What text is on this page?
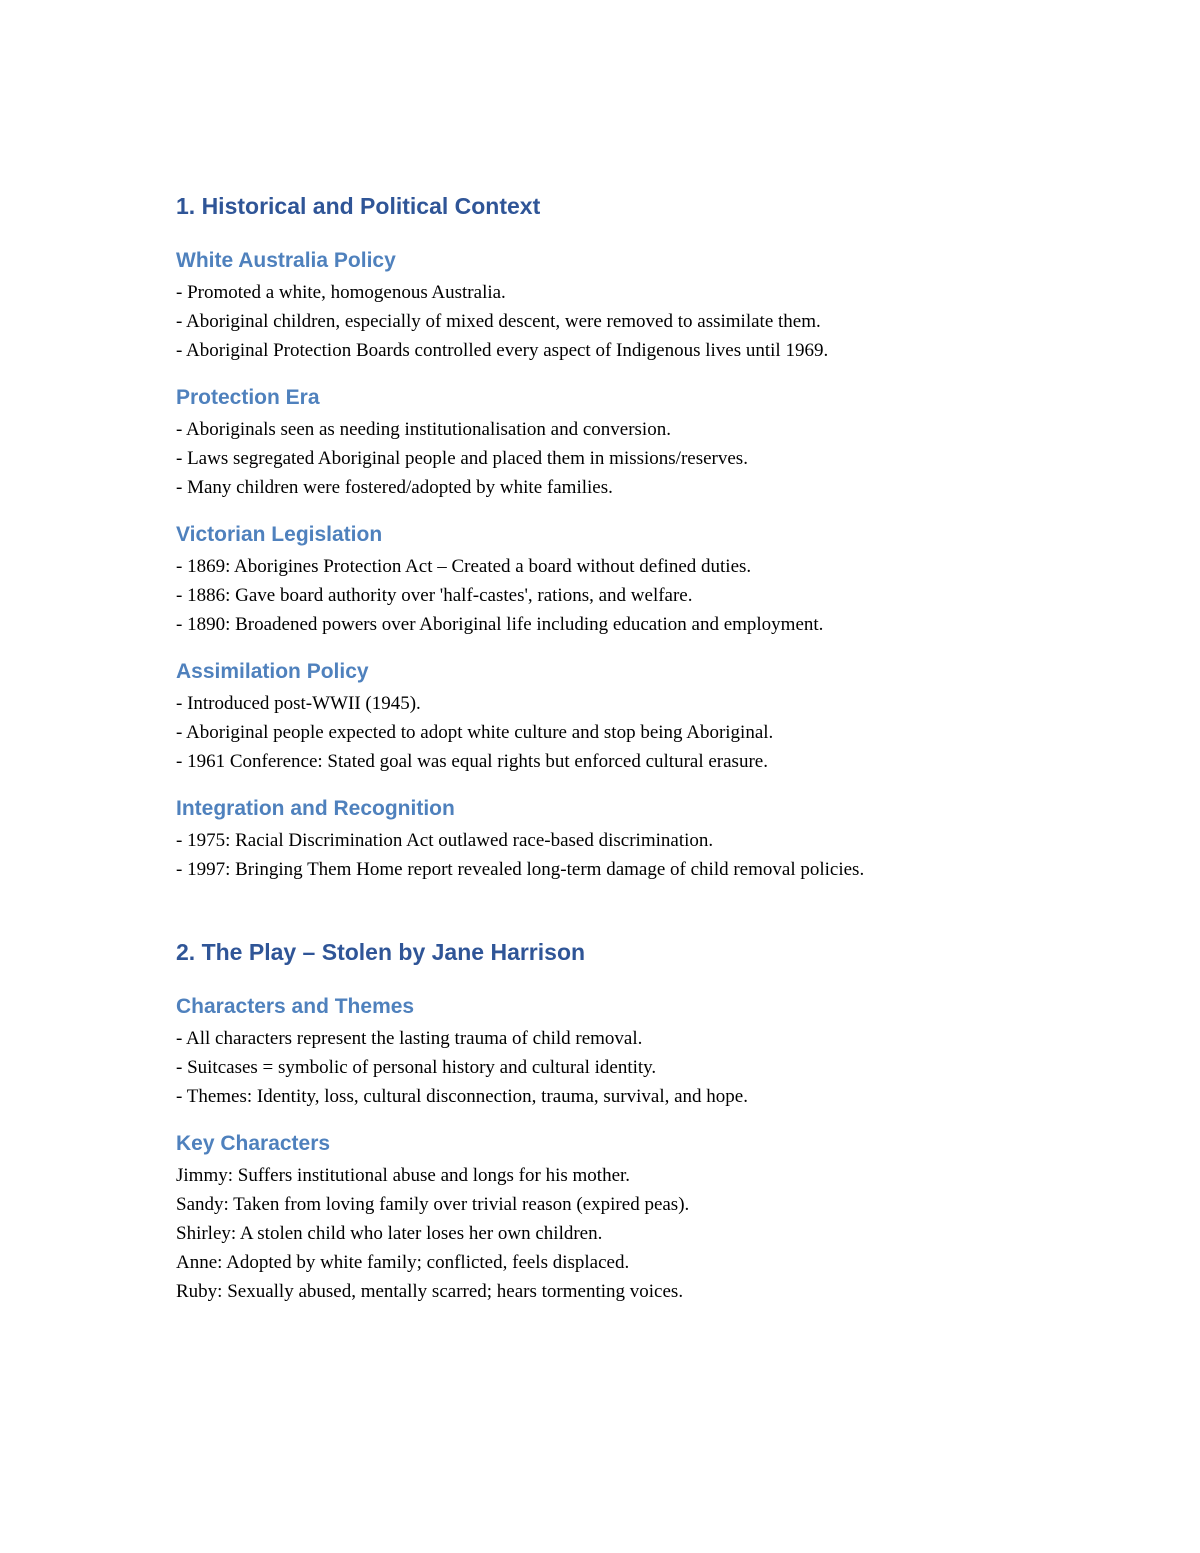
1. Historical and Political Context
White Australia Policy
- Promoted a white, homogenous Australia.
- Aboriginal children, especially of mixed descent, were removed to assimilate them.
- Aboriginal Protection Boards controlled every aspect of Indigenous lives until 1969.
Protection Era
- Aboriginals seen as needing institutionalisation and conversion.
- Laws segregated Aboriginal people and placed them in missions/reserves.
- Many children were fostered/adopted by white families.
Victorian Legislation
- 1869: Aborigines Protection Act – Created a board without defined duties.
- 1886: Gave board authority over 'half-castes', rations, and welfare.
- 1890: Broadened powers over Aboriginal life including education and employment.
Assimilation Policy
- Introduced post-WWII (1945).
- Aboriginal people expected to adopt white culture and stop being Aboriginal.
- 1961 Conference: Stated goal was equal rights but enforced cultural erasure.
Integration and Recognition
- 1975: Racial Discrimination Act outlawed race-based discrimination.
- 1997: Bringing Them Home report revealed long-term damage of child removal policies.
2. The Play – Stolen by Jane Harrison
Characters and Themes
- All characters represent the lasting trauma of child removal.
- Suitcases = symbolic of personal history and cultural identity.
- Themes: Identity, loss, cultural disconnection, trauma, survival, and hope.
Key Characters
Jimmy: Suffers institutional abuse and longs for his mother.
Sandy: Taken from loving family over trivial reason (expired peas).
Shirley: A stolen child who later loses her own children.
Anne: Adopted by white family; conflicted, feels displaced.
Ruby: Sexually abused, mentally scarred; hears tormenting voices.
